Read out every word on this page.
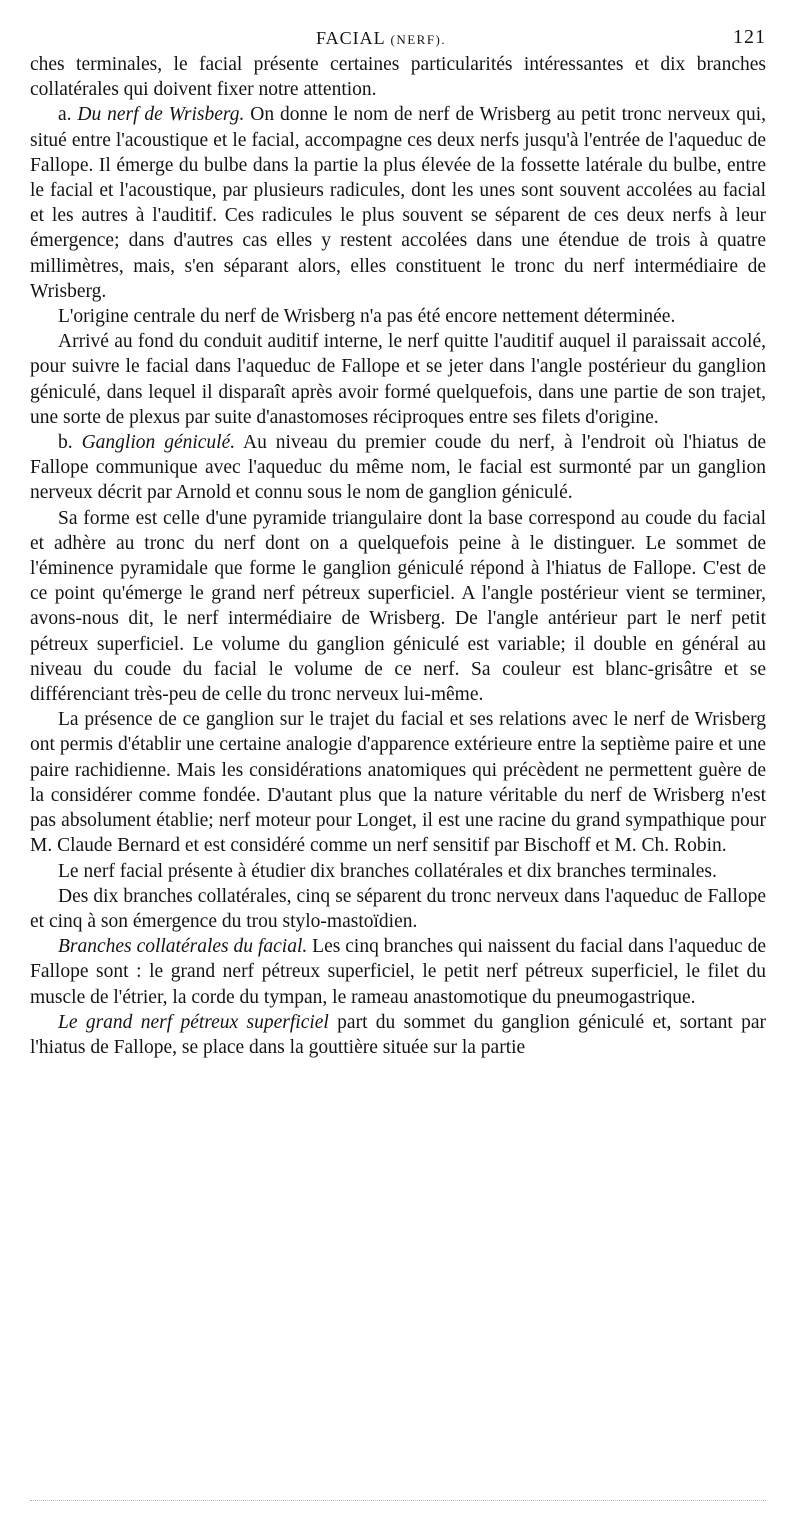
FACIAL (NERF).	121

ches terminales, le facial présente certaines particularités intéressantes et dix branches collatérales qui doivent fixer notre attention.

a. Du nerf de Wrisberg. On donne le nom de nerf de Wrisberg au petit tronc nerveux qui, situé entre l'acoustique et le facial, accompagne ces deux nerfs jusqu'à l'entrée de l'aqueduc de Fallope. Il émerge du bulbe dans la partie la plus élevée de la fossette latérale du bulbe, entre le facial et l'acoustique, par plusieurs radicules, dont les unes sont souvent accolées au facial et les autres à l'auditif. Ces radicules le plus souvent se séparent de ces deux nerfs à leur émergence; dans d'autres cas elles y restent accolées dans une étendue de trois à quatre millimètres, mais, s'en séparant alors, elles constituent le tronc du nerf intermédiaire de Wrisberg.

L'origine centrale du nerf de Wrisberg n'a pas été encore nettement déterminée.

Arrivé au fond du conduit auditif interne, le nerf quitte l'auditif auquel il paraissait accolé, pour suivre le facial dans l'aqueduc de Fallope et se jeter dans l'angle postérieur du ganglion géniculé, dans lequel il disparaît après avoir formé quelquefois, dans une partie de son trajet, une sorte de plexus par suite d'anastomoses réciproques entre ses filets d'origine.

b. Ganglion géniculé. Au niveau du premier coude du nerf, à l'endroit où l'hiatus de Fallope communique avec l'aqueduc du même nom, le facial est surmonté par un ganglion nerveux décrit par Arnold et connu sous le nom de ganglion géniculé.

Sa forme est celle d'une pyramide triangulaire dont la base correspond au coude du facial et adhère au tronc du nerf dont on a quelquefois peine à le distinguer. Le sommet de l'éminence pyramidale que forme le ganglion géniculé répond à l'hiatus de Fallope. C'est de ce point qu'émerge le grand nerf pétreux superficiel. A l'angle postérieur vient se terminer, avons-nous dit, le nerf intermédiaire de Wrisberg. De l'angle antérieur part le nerf petit pétreux superficiel. Le volume du ganglion géniculé est variable; il double en général au niveau du coude du facial le volume de ce nerf. Sa couleur est blanc-grisâtre et se différenciant très-peu de celle du tronc nerveux lui-même.

La présence de ce ganglion sur le trajet du facial et ses relations avec le nerf de Wrisberg ont permis d'établir une certaine analogie d'apparence extérieure entre la septième paire et une paire rachidienne. Mais les considérations anatomiques qui précèdent ne permettent guère de la considérer comme fondée. D'autant plus que la nature véritable du nerf de Wrisberg n'est pas absolument établie; nerf moteur pour Longet, il est une racine du grand sympathique pour M. Claude Bernard et est considéré comme un nerf sensitif par Bischoff et M. Ch. Robin.

Le nerf facial présente à étudier dix branches collatérales et dix branches terminales.

Des dix branches collatérales, cinq se séparent du tronc nerveux dans l'aqueduc de Fallope et cinq à son émergence du trou stylo-mastoïdien.

Branches collatérales du facial. Les cinq branches qui naissent du facial dans l'aqueduc de Fallope sont : le grand nerf pétreux superficiel, le petit nerf pétreux superficiel, le filet du muscle de l'étrier, la corde du tympan, le rameau anastomotique du pneumogastrique.

Le grand nerf pétreux superficiel part du sommet du ganglion géniculé et, sortant par l'hiatus de Fallope, se place dans la gouttière située sur la partie
